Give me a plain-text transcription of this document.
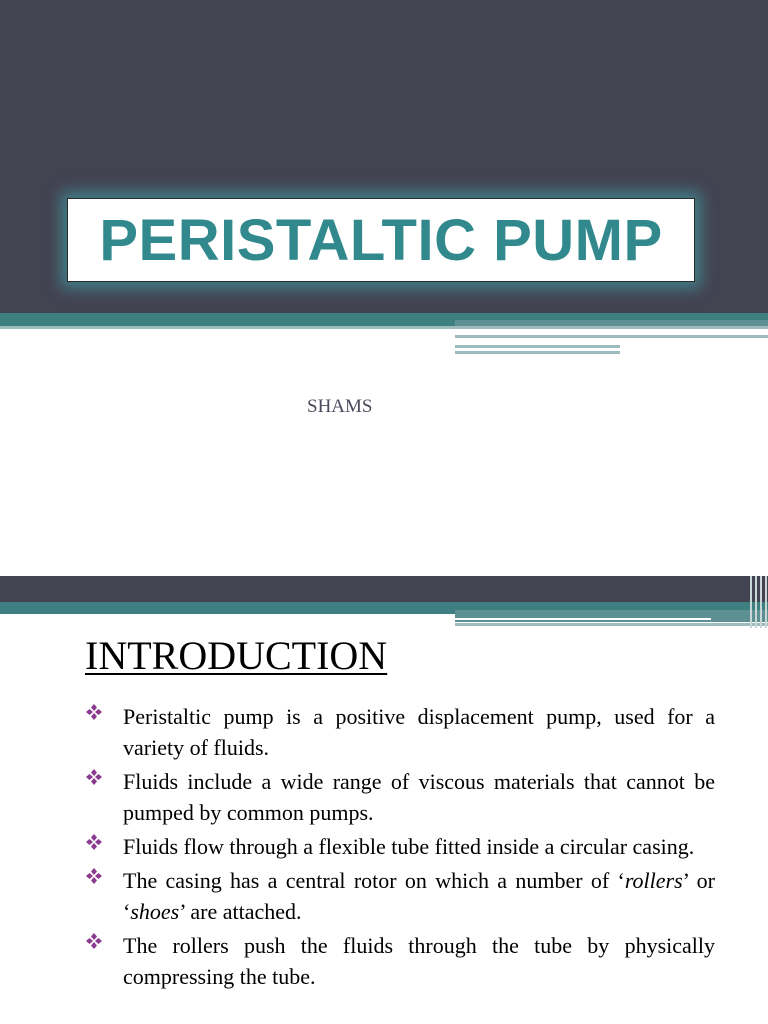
PERISTALTIC PUMP
SHAMS
INTRODUCTION
Peristaltic pump is a positive displacement pump, used for a variety of fluids.
Fluids include a wide range of viscous materials that cannot be pumped by common pumps.
Fluids flow through a flexible tube fitted inside a circular casing.
The casing has a central rotor on which a number of ‘rollers’ or ‘shoes’ are attached.
The rollers push the fluids through the tube by physically compressing the tube.
